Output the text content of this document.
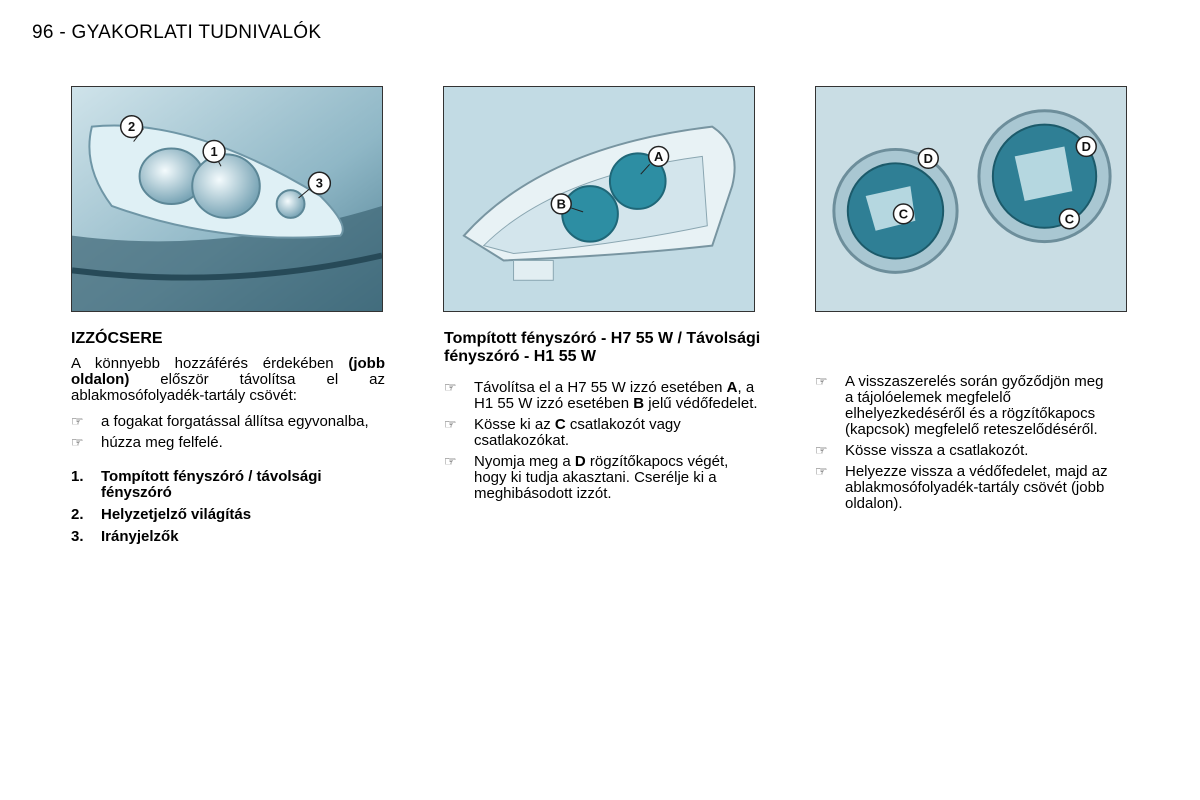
96 - GYAKORLATI TUDNIVALÓK
2
1
3
A
B
D
C
D
C
IZZÓCSERE

A könnyebb hozzáférés érdekében (jobb oldalon) először távolítsa el az ablakmosófolyadék-tartály csövét:

☞ a fogakat forgatással állítsa egyvonalba,
☞ húzza meg felfelé.
1. Tompított fényszóró / távolsági fényszóró
2. Helyzetjelző világítás
3. Irányjelzők
Tompított fényszóró - H7 55 W / Távolsági fényszóró - H1 55 W
☞ Távolítsa el a H7 55 W izzó esetében A, a H1 55 W izzó esetében B jelű védőfedelet.
☞ Kösse ki az C csatlakozót vagy csatlakozókat.
☞ Nyomja meg a D rögzítőkapocs végét, hogy ki tudja akasztani. Cserélje ki a meghibásodott izzót.
☞ A visszaszerelés során győződjön meg a tájolóelemek megfelelő elhelyezkedéséről és a rögzítőkapocs (kapcsok) megfelelő reteszelődéséről.
☞ Kösse vissza a csatlakozót.
☞ Helyezze vissza a védőfedelet, majd az ablakmosófolyadék-tartály csövét (jobb oldalon).
